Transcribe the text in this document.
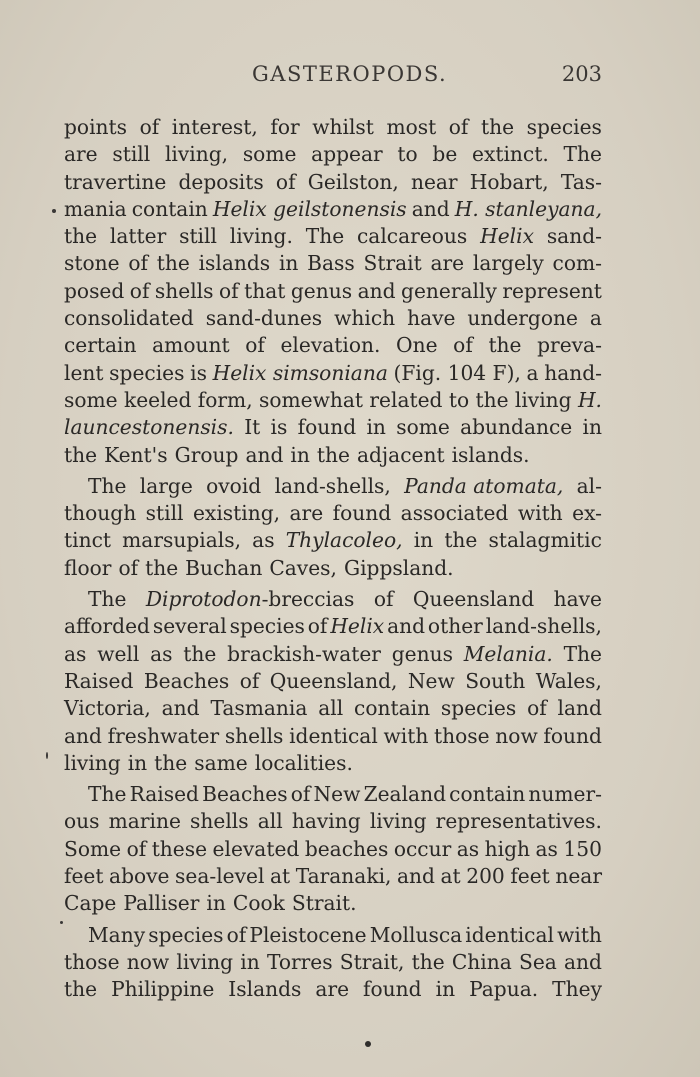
GASTEROPODS.	203
points of interest, for whilst most of the species
are still living, some appear to be extinct. The
travertine deposits of Geilston, near Hobart, Tas-
mania contain Helix geilstonensis and H. stanleyana,
the latter still living. The calcareous Helix sand-
stone of the islands in Bass Strait are largely com-
posed of shells of that genus and generally represent
consolidated sand-dunes which have undergone a
certain amount of elevation. One of the preva-
lent species is Helix simsoniana (Fig. 104 F), a hand-
some keeled form, somewhat related to the living H.
launcestonensis. It is found in some abundance in
the Kent's Group and in the adjacent islands.
The large ovoid land-shells, Panda atomata, al-
though still existing, are found associated with ex-
tinct marsupials, as Thylacoleo, in the stalagmitic
floor of the Buchan Caves, Gippsland.
The Diprotodon-breccias of Queensland have
afforded several species of Helix and other land-shells,
as well as the brackish-water genus Melania. The
Raised Beaches of Queensland, New South Wales,
Victoria, and Tasmania all contain species of land
and freshwater shells identical with those now found
living in the same localities.
The Raised Beaches of New Zealand contain numer-
ous marine shells all having living representatives.
Some of these elevated beaches occur as high as 150
feet above sea-level at Taranaki, and at 200 feet near
Cape Palliser in Cook Strait.
Many species of Pleistocene Mollusca identical with
those now living in Torres Strait, the China Sea and
the Philippine Islands are found in Papua. They
